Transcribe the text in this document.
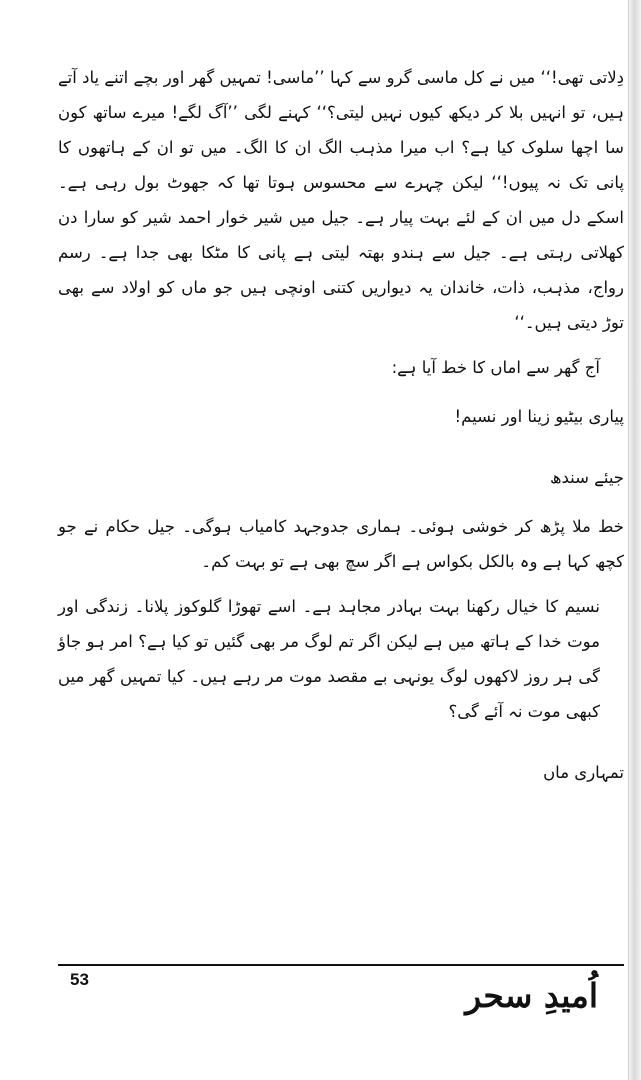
دِلاتی تھی!‘‘ میں نے کل ماسی گرو سے کہا ’’ماسی! تمہیں گھر اور بچے اتنے یاد آتے ہیں، تو انہیں بلا کر دیکھ کیوں نہیں لیتی؟‘‘ کہنے لگی ’’آگ لگے! میرے ساتھ کون سا اچھا سلوک کیا ہے؟ اب میرا مذہب الگ ان کا الگ۔ میں تو ان کے ہاتھوں کا پانی تک نہ پیوں!‘‘ لیکن چہرے سے محسوس ہوتا تھا کہ جھوٹ بول رہی ہے۔ اسکے دل میں ان کے لئے بہت پیار ہے۔ جیل میں شیر خوار احمد شیر کو سارا دن کھلاتی رہتی ہے۔ جیل سے ہندو بھتہ لیتی ہے پانی کا مٹکا بھی جدا ہے۔ رسم رواج، مذہب، ذات، خاندان یہ دیواریں کتنی اونچی ہیں جو ماں کو اولاد سے بھی توڑ دیتی ہیں۔‘‘

آج گھر سے اماں کا خط آیا ہے:

پیاری بیٹیو زینا اور نسیم!

جیئے سندھ

خط ملا پڑھ کر خوشی ہوئی۔ ہماری جدوجہد کامیاب ہوگی۔ جیل حکام نے جو کچھ کہا ہے وہ بالکل بکواس ہے اگر سچ بھی ہے تو بہت کم۔

نسیم کا خیال رکھنا بہت بہادر مجاہد ہے۔ اسے تھوڑا گلوکوز پلانا۔ زندگی اور موت خدا کے ہاتھ میں ہے لیکن اگر تم لوگ مر بھی گئیں تو کیا ہے؟ امر ہو جاؤ گی ہر روز لاکھوں لوگ یونہی بے مقصد موت مر رہے ہیں۔ کیا تمہیں گھر میں کبھی موت نہ آئے گی؟

تمہاری ماں

53	اُمیدِ سحر
